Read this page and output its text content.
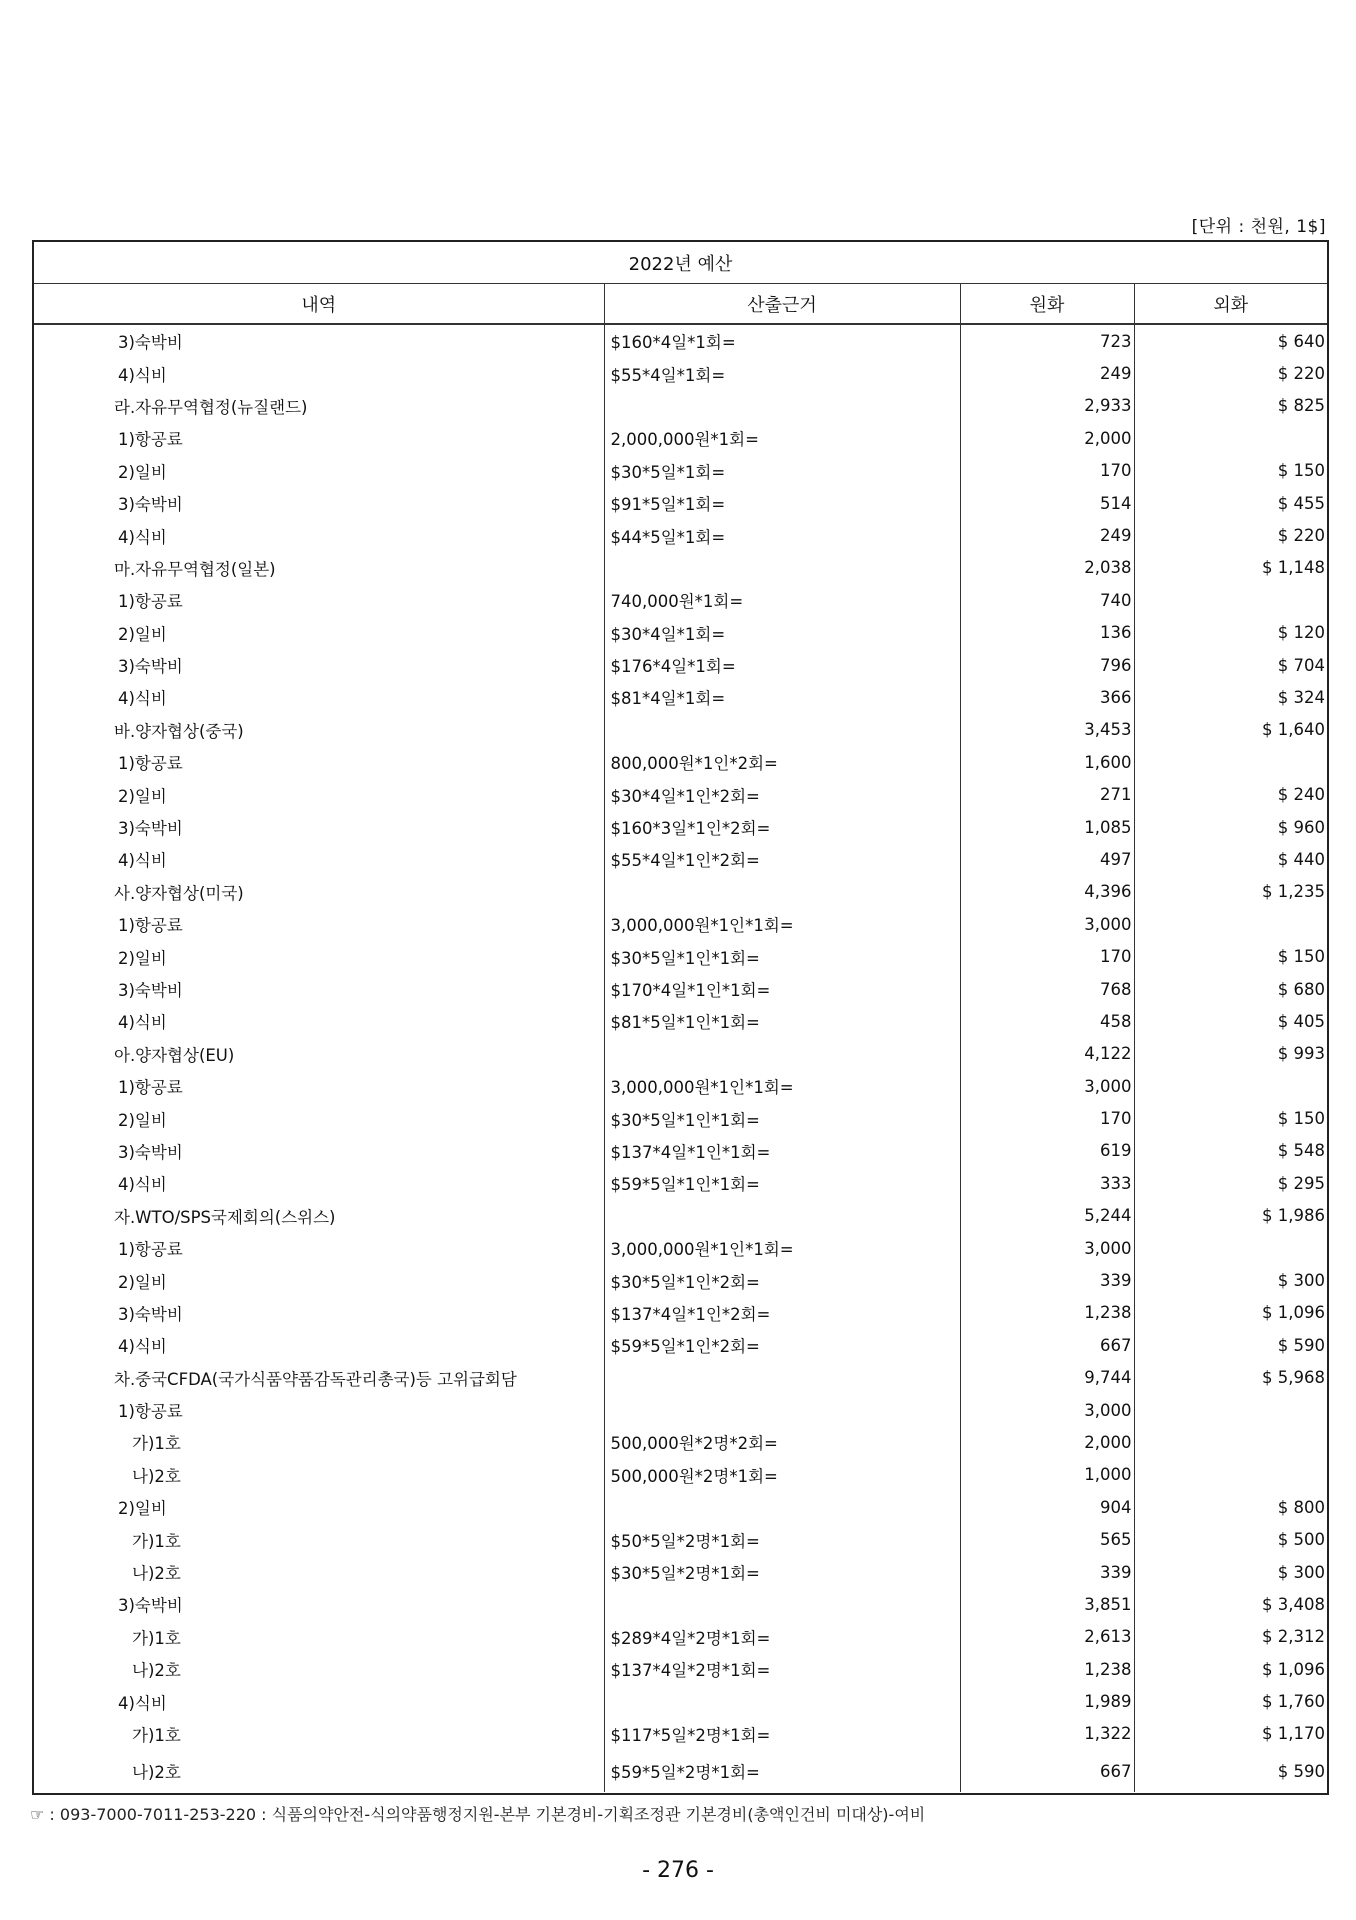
[단위 : 천원, 1$]
2022년 예산			
내역	산출근거	원화	외화
3)숙박비	$160*4일*1회=	723	$ 640
4)식비	$55*4일*1회=	249	$ 220
라.자유무역협정(뉴질랜드)		2,933	$ 825
1)항공료	2,000,000원*1회=	2,000	
2)일비	$30*5일*1회=	170	$ 150
3)숙박비	$91*5일*1회=	514	$ 455
4)식비	$44*5일*1회=	249	$ 220
마.자유무역협정(일본)		2,038	$ 1,148
1)항공료	740,000원*1회=	740	
2)일비	$30*4일*1회=	136	$ 120
3)숙박비	$176*4일*1회=	796	$ 704
4)식비	$81*4일*1회=	366	$ 324
바.양자협상(중국)		3,453	$ 1,640
1)항공료	800,000원*1인*2회=	1,600	
2)일비	$30*4일*1인*2회=	271	$ 240
3)숙박비	$160*3일*1인*2회=	1,085	$ 960
4)식비	$55*4일*1인*2회=	497	$ 440
사.양자협상(미국)		4,396	$ 1,235
1)항공료	3,000,000원*1인*1회=	3,000	
2)일비	$30*5일*1인*1회=	170	$ 150
3)숙박비	$170*4일*1인*1회=	768	$ 680
4)식비	$81*5일*1인*1회=	458	$ 405
아.양자협상(EU)		4,122	$ 993
1)항공료	3,000,000원*1인*1회=	3,000	
2)일비	$30*5일*1인*1회=	170	$ 150
3)숙박비	$137*4일*1인*1회=	619	$ 548
4)식비	$59*5일*1인*1회=	333	$ 295
자.WTO/SPS국제회의(스위스)		5,244	$ 1,986
1)항공료	3,000,000원*1인*1회=	3,000	
2)일비	$30*5일*1인*2회=	339	$ 300
3)숙박비	$137*4일*1인*2회=	1,238	$ 1,096
4)식비	$59*5일*1인*2회=	667	$ 590
차.중국CFDA(국가식품약품감독관리총국)등 고위급회담		9,744	$ 5,968
1)항공료		3,000	
가)1호	500,000원*2명*2회=	2,000	
나)2호	500,000원*2명*1회=	1,000	
2)일비		904	$ 800
가)1호	$50*5일*2명*1회=	565	$ 500
나)2호	$30*5일*2명*1회=	339	$ 300
3)숙박비		3,851	$ 3,408
가)1호	$289*4일*2명*1회=	2,613	$ 2,312
나)2호	$137*4일*2명*1회=	1,238	$ 1,096
4)식비		1,989	$ 1,760
가)1호	$117*5일*2명*1회=	1,322	$ 1,170
나)2호	$59*5일*2명*1회=	667	$ 590
☞ : 093-7000-7011-253-220 : 식품의약안전-식의약품행정지원-본부 기본경비-기획조정관 기본경비(총액인건비 미대상)-여비
- 276 -
